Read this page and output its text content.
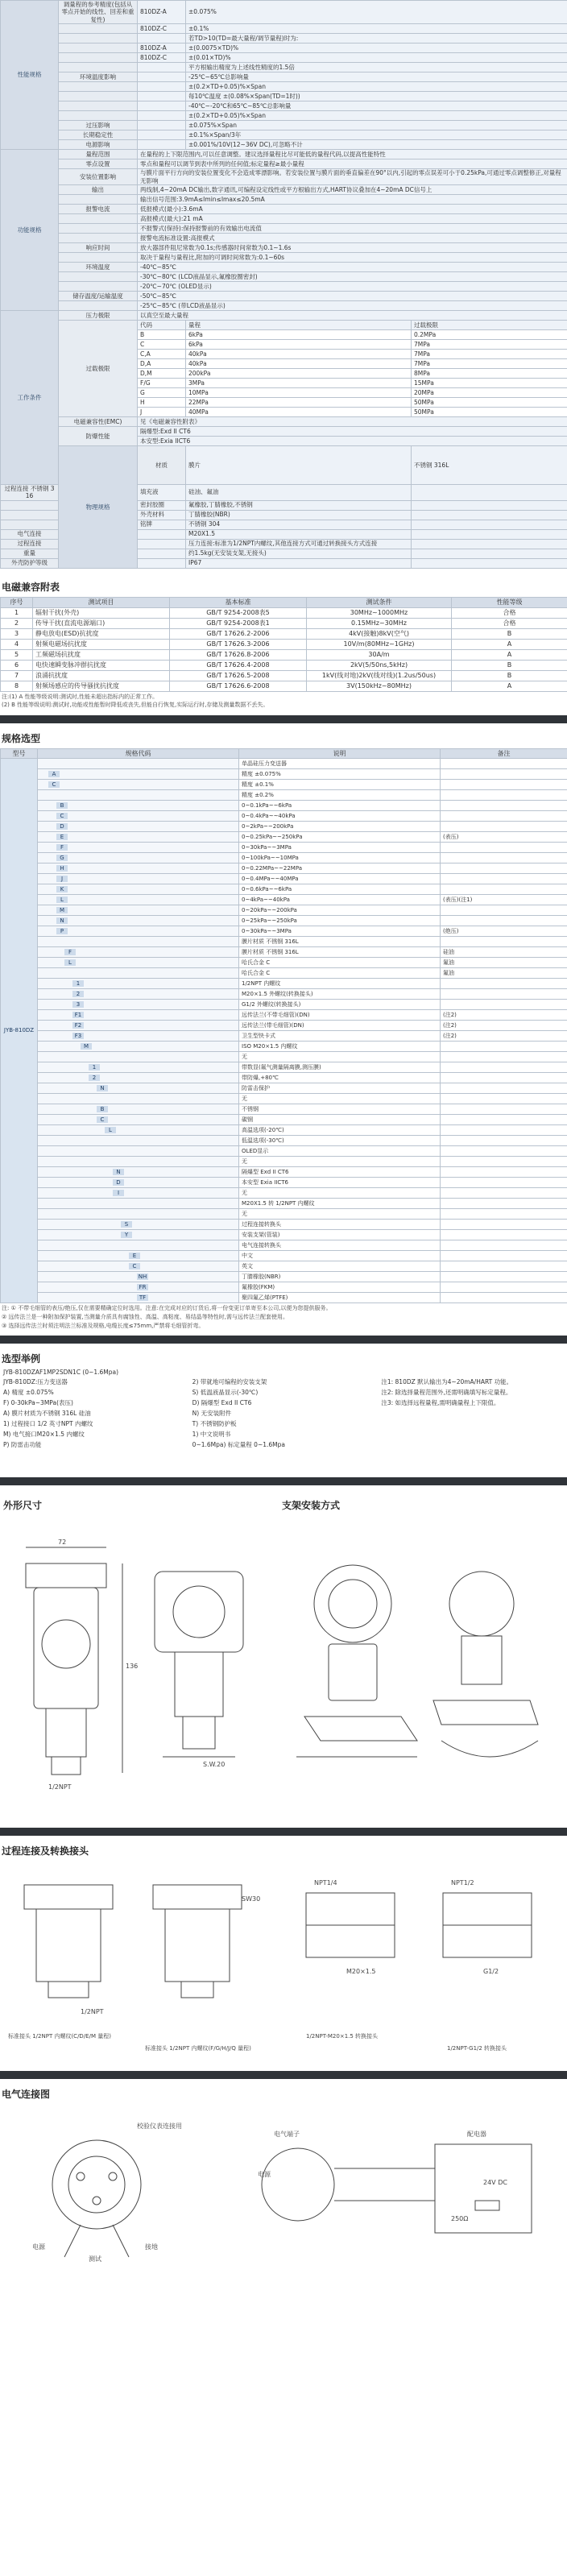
性能规格	调量程的参考精度(包括从零点开始的线性、回差和重复性)	810DZ-A	±0.075%		
		810DZ-C	±0.1%		
			若TD>10(TD=最大量程/调节量程)时为:		
		810DZ-A	±(0.0075×TD)%		
		810DZ-C	±(0.01×TD)%		
			平方根输出精度为上述线性精度的1.5倍		
	环境温度影响		-25℃~65℃总影响量		
			±(0.2×TD+0.05)%×Span		
			每10℃温度 ±(0.08%×Span(TD=1时))		
			-40℃~-20℃和65℃~85℃总影响量		
			±(0.2×TD+0.05)%×Span		
	过压影响		±0.075%×Span		
	长期稳定性		±0.1%×Span/3年		
	电源影响		±0.001%/10V(12~36V DC),可忽略不计		
功能规格	量程范围	在量程的上下限范围内,可以任意调整。建议选择量程比尽可能低的量程代码,以提高性能特性			
	零点设置	零点和量程可以调节到表中所列的任何值;标定量程≥最小量程			
	安装位置影响	与膜片面平行方向的安装位置变化不会造成零漂影响。若安装位置与膜片面的垂直偏差在90°以内,引起的零点误差可小于0.25kPa,可通过零点调整修正,对量程无影响			
	输出	两线制,4~20mA DC输出,数字通讯,可编程设定线性或平方根输出方式,HART协议叠加在4~20mA DC信号上			
		输出信号范围:3.9mA≤Imin≤Imax≤20.5mA			
	报警电流	低报模式(最小):3.6mA			
		高报模式(最大):21 mA			
		不报警式(保持):保持报警前的有效输出电流值			
		报警电流标准设置:高报模式			
	响应时间	放大器部件阻尼常数为0.1s;传感器时间常数为0.1~1.6s			
		取决于量程与量程比,附加的可调时间常数为:0.1~60s			
	环境温度	-40℃~85℃			
		-30℃~80℃ (LCD液晶显示,氟橡胶圈密封)			
		-20℃~70℃ (OLED显示)			
	储存温度/运输温度	-50℃~85℃			
		-25℃~85℃ (带LCD液晶显示)			
工作条件	压力极限	以真空至最大量程			
	过载极限	代码	量程	过载极限	
		B	6kPa	0.2MPa	
		C	6kPa	7MPa	
		C,A	40kPa	7MPa	
		D,A	40kPa	7MPa	
		D,M	200kPa	8MPa	
		F/G	3MPa	15MPa	
		G	10MPa	20MPa	
		H	22MPa	50MPa	
		J	40MPa	50MPa	
	电磁兼容性(EMC)	见《电磁兼容性附表》			
	防爆性能	隔爆型:Exd II CT6			
		本安型:Exia IICT6			
	物理规格	材质	膜片	不锈钢 316L	
过程连接 不锈钢 316		填充液	硅油、氟油		
		密封胶圈	氟橡胶,丁腈橡胶,不锈钢		
		外壳材料	丁腈橡胶(NBR)		
		铭牌	不锈钢 304		
电气连接			M20X1.5		
过程连接			压力连接:标准为1/2NPT内螺纹,其他连接方式可通过转换接头方式连接		
重量			约1.5kg(无安装支架,无接头)		
外壳防护等级			IP67		
电磁兼容附表
序号	测试项目	基本标准	测试条件	性能等级
1	辐射干扰(外壳)	GB/T 9254-2008表5	30MHz~1000MHz	合格
2	传导干扰(直流电源端口)	GB/T 9254-2008表1	0.15MHz~30MHz	合格
3	静电放电(ESD)抗扰度	GB/T 17626.2-2006	4kV(接触)8kV(空气)	B
4	射频电磁场抗扰度	GB/T 17626.3-2006	10V/m(80MHz~1GHz)	A
5	工频磁场抗扰度	GB/T 17626.8-2006	30A/m	A
6	电快速瞬变脉冲群抗扰度	GB/T 17626.4-2008	2kV(5/50ns,5kHz)	B
7	浪涌抗扰度	GB/T 17626.5-2008	1kV(线对地)2kV(线对线)(1.2us/50us)	B
8	射频场感应的传导骚扰抗扰度	GB/T 17626.6-2008	3V(150kHz~80MHz)	A
注:(1) A 性能等级说明:测试时,性能未超出指标内的正常工作。
(2) B 性能等级说明:测试时,功能或性能暂时降低或丧失,但能自行恢复,实际运行时,存储及测量数据不丢失。
规格选型
型号	规格代码	说明	备注
JYB-810DZ		单晶硅压力变送器	

	A	精度 ±0.075%	

	C	精度 ±0.1%	

		精度 ±0.2%	

	B	0~0.1kPa~~6kPa	

	C	0~0.4kPa~~40kPa	

	D	0~2kPa~~200kPa	

	E	0~0.25kPa~~250kPa	(表压)

	F	0~30kPa~~3MPa	

	G	0~100kPa~~10MPa	

	H	0~0.22MPa~~22MPa	

	J	0~0.4MPa~~40MPa	

	K	0~0.6kPa~~6kPa	

	L	0~4kPa~~40kPa	(表压)(注1)

	M	0~20kPa~~200kPa	

	N	0~25kPa~~250kPa	

	P	0~30kPa~~3MPa	(绝压)

		膜片材质 不锈钢 316L	

	F	膜片材质 不锈钢 316L	硅油

	L	哈氏合金 C	氟油

		哈氏合金 C	氟油

	1	1/2NPT 内螺纹	

	2	M20×1.5 外螺纹(转换接头)	

	3	G1/2 外螺纹(转换接头)	

	F1	远传法兰(不带毛细管)(DN)	(注2)

	F2	远传法兰(带毛细管)(DN)	(注2)

	F3	卫生型快卡式	(注2)

	M	ISO M20×1.5 内螺纹	

		无	

	1	带数显(氟气测量隔离膜,测压膜)	

	2	带防爆,+80℃	

	N	防雷击保护	

		无	

	B	不锈钢	

	C	碳钢	

	L	高温选项(-20℃)	

		低温选项(-30℃)	

		OLED显示	

		无	

	N	隔爆型 Exd II CT6	

	D	本安型 Exia IICT6	

	I	无	

		M20X1.5 转 1/2NPT 内螺纹	

		无	

	S	过程连接转换头	

	Y	安装支架(管装)	

		电气连接转换头	

	E	中文	

	C	英文	

	NH	丁腈橡胶(NBR)	

	FR	氟橡胶(FKM)	

	TF	聚四氟乙烯(PTFE)	
注: ① 不带毛细管的表压/绝压,仅在需要精确定位时选用。注意:在完成对应的订货后,将一份变更订单寄至本公司,以便为您提供服务。
② 远传法兰是一种附加保护装置,当测量介质具有腐蚀性、高温、高粘度、易结晶等特性时,需与远传法兰配套使用。
③ 选择远传法兰时须注明法兰标准及规格,电缆长度≤75mm,严禁将毛细管折弯。
选型举例
JYB-810DZAF1MP2SDN1C (0~1.6Mpa)
JYB-810DZ:压力变送器
A) 精度 ±0.075%
F) 0-30kPa~3MPa(表压)
A) 膜片材质为不锈钢 316L 硅油
1) 过程接口 1/2 英寸NPT 内螺纹
M) 电气接口M20×1.5 内螺纹
P) 防雷击功能
2) 带就地可编程的安装支架
S) 低温液晶显示(-30℃)
D) 隔爆型 Exd II CT6
N) 无安装附件
T) 不锈钢防护板
1) 中文说明书
0~1.6Mpa) 标定量程 0~1.6Mpa
注1: 810DZ 默认输出为4~20mA/HART 功能。
注2: 除选择量程范围外,还需明确填写标定量程。
注3: 如选择远程量程,需明确量程上下限值。
外形尺寸
72
S.W.20
1/2NPT
136
支架安装方式
过程连接及转换接头
1/2NPT
SW30
NPT1/4	NPT1/2
M20×1.5	G1/2
标准接头 1/2NPT 内螺纹(C/D/E/M 量程)
标准接头 1/2NPT 内螺纹(F/G/H/J/Q 量程)
1/2NPT-M20×1.5 转换接头
1/2NPT-G1/2 转换接头
电气连接图
电源
测试
电源
接地
24V DC
250Ω
配电器
电气端子
校验仪表连接用
